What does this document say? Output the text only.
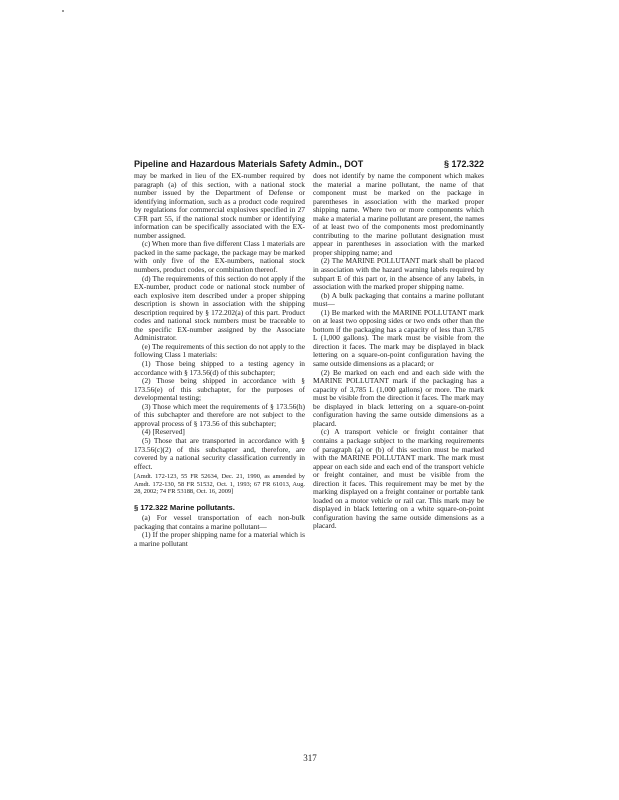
Pipeline and Hazardous Materials Safety Admin., DOT	§ 172.322

may be marked in lieu of the EX-number required by paragraph (a) of this section, with a national stock number issued by the Department of Defense or identifying information, such as a product code required by regulations for commercial explosives specified in 27 CFR part 55, if the national stock number or identifying information can be specifically associated with the EX-number assigned.

(c) When more than five different Class 1 materials are packed in the same package, the package may be marked with only five of the EX-numbers, national stock numbers, product codes, or combination thereof.

(d) The requirements of this section do not apply if the EX-number, product code or national stock number of each explosive item described under a proper shipping description is shown in association with the shipping description required by § 172.202(a) of this part. Product codes and national stock numbers must be traceable to the specific EX-number assigned by the Associate Administrator.

(e) The requirements of this section do not apply to the following Class 1 materials:

(1) Those being shipped to a testing agency in accordance with § 173.56(d) of this subchapter;

(2) Those being shipped in accordance with § 173.56(e) of this subchapter, for the purposes of developmental testing;

(3) Those which meet the requirements of § 173.56(h) of this subchapter and therefore are not subject to the approval process of § 173.56 of this subchapter;

(4) [Reserved]

(5) Those that are transported in accordance with § 173.56(c)(2) of this subchapter and, therefore, are covered by a national security classification currently in effect.

[Amdt. 172-123, 55 FR 52634, Dec. 21, 1990, as amended by Amdt. 172-130, 58 FR 51532, Oct. 1, 1993; 67 FR 61013, Aug. 28, 2002; 74 FR 53188, Oct. 16, 2009]

§ 172.322 Marine pollutants.

(a) For vessel transportation of each non-bulk packaging that contains a marine pollutant—

(1) If the proper shipping name for a material which is a marine pollutant

does not identify by name the component which makes the material a marine pollutant, the name of that component must be marked on the package in parentheses in association with the marked proper shipping name. Where two or more components which make a material a marine pollutant are present, the names of at least two of the components most predominantly contributing to the marine pollutant designation must appear in parentheses in association with the marked proper shipping name; and

(2) The MARINE POLLUTANT mark shall be placed in association with the hazard warning labels required by subpart E of this part or, in the absence of any labels, in association with the marked proper shipping name.

(b) A bulk packaging that contains a marine pollutant must—

(1) Be marked with the MARINE POLLUTANT mark on at least two opposing sides or two ends other than the bottom if the packaging has a capacity of less than 3,785 L (1,000 gallons). The mark must be visible from the direction it faces. The mark may be displayed in black lettering on a square-on-point configuration having the same outside dimensions as a placard; or

(2) Be marked on each end and each side with the MARINE POLLUTANT mark if the packaging has a capacity of 3,785 L (1,000 gallons) or more. The mark must be visible from the direction it faces. The mark may be displayed in black lettering on a square-on-point configuration having the same outside dimensions as a placard.

(c) A transport vehicle or freight container that contains a package subject to the marking requirements of paragraph (a) or (b) of this section must be marked with the MARINE POLLUTANT mark. The mark must appear on each side and each end of the transport vehicle or freight container, and must be visible from the direction it faces. This requirement may be met by the marking displayed on a freight container or portable tank loaded on a motor vehicle or rail car. This mark may be displayed in black lettering on a white square-on-point configuration having the same outside dimensions as a placard.

317
